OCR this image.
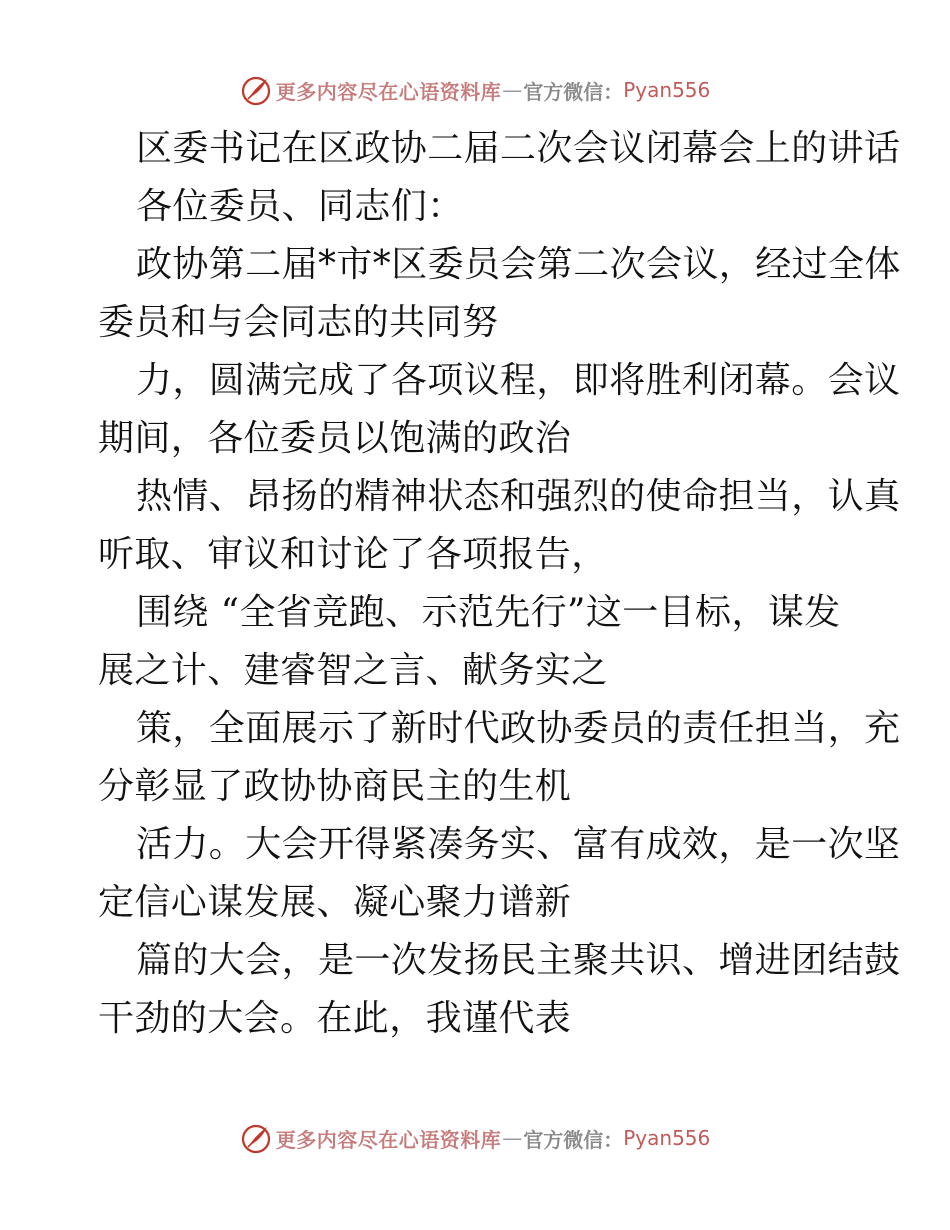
更多内容尽在心语资料库 — 官方微信： Pyan556
区委书记在区政协二届二次会议闭幕会上的讲话
各位委员、同志们：
政协第二届*市*区委员会第二次会议，经过全体
委员和与会同志的共同努
力，圆满完成了各项议程，即将胜利闭幕。会议
期间，各位委员以饱满的政治
热情、昂扬的精神状态和强烈的使命担当，认真
听取、审议和讨论了各项报告，
围绕 “全省竞跑、示范先行”这一目标，谋发
展之计、建睿智之言、献务实之
策，全面展示了新时代政协委员的责任担当，充
分彰显了政协协商民主的生机
活力。大会开得紧凑务实、富有成效，是一次坚
定信心谋发展、凝心聚力谱新
篇的大会，是一次发扬民主聚共识、增进团结鼓
干劲的大会。在此，我谨代表
更多内容尽在心语资料库 — 官方微信： Pyan556
